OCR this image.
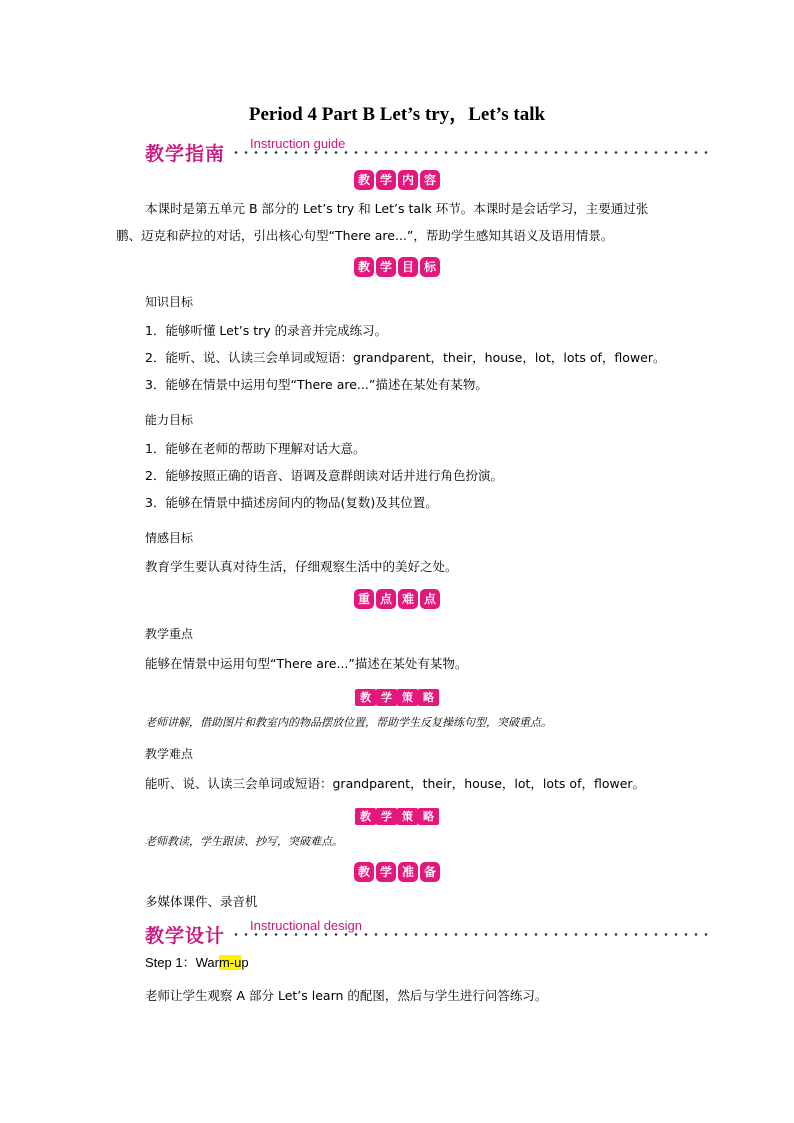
Period 4 Part B Let’s try，Let’s talk
教学指南 Instruction guide
教 学 内 容
本课时是第五单元 B 部分的 Let’s try 和 Let’s talk 环节。本课时是会话学习，主要通过张
鹏、迈克和萨拉的对话，引出核心句型“There are...”，帮助学生感知其语义及语用情景。
教 学 目 标
知识目标
1．能够听懂 Let’s try 的录音并完成练习。
2．能听、说、认读三会单词或短语：grandparent，their，house，lot，lots of，flower。
3．能够在情景中运用句型“There are...”描述在某处有某物。
能力目标
1．能够在老师的帮助下理解对话大意。
2．能够按照正确的语音、语调及意群朗读对话并进行角色扮演。
3．能够在情景中描述房间内的物品(复数)及其位置。
情感目标
教育学生要认真对待生活，仔细观察生活中的美好之处。
重 点 难 点
教学重点
能够在情景中运用句型“There are...”描述在某处有某物。
教 学 策 略
老师讲解，借助图片和教室内的物品摆放位置，帮助学生反复操练句型，突破重点。
教学难点
能听、说、认读三会单词或短语：grandparent，their，house，lot，lots of，flower。
教 学 策 略
老师教读，学生跟读、抄写，突破难点。
教 学 准 备
多媒体课件、录音机
教学设计 Instructional design
Step 1：Warm-up
老师让学生观察 A 部分 Let’s learn 的配图，然后与学生进行问答练习。
